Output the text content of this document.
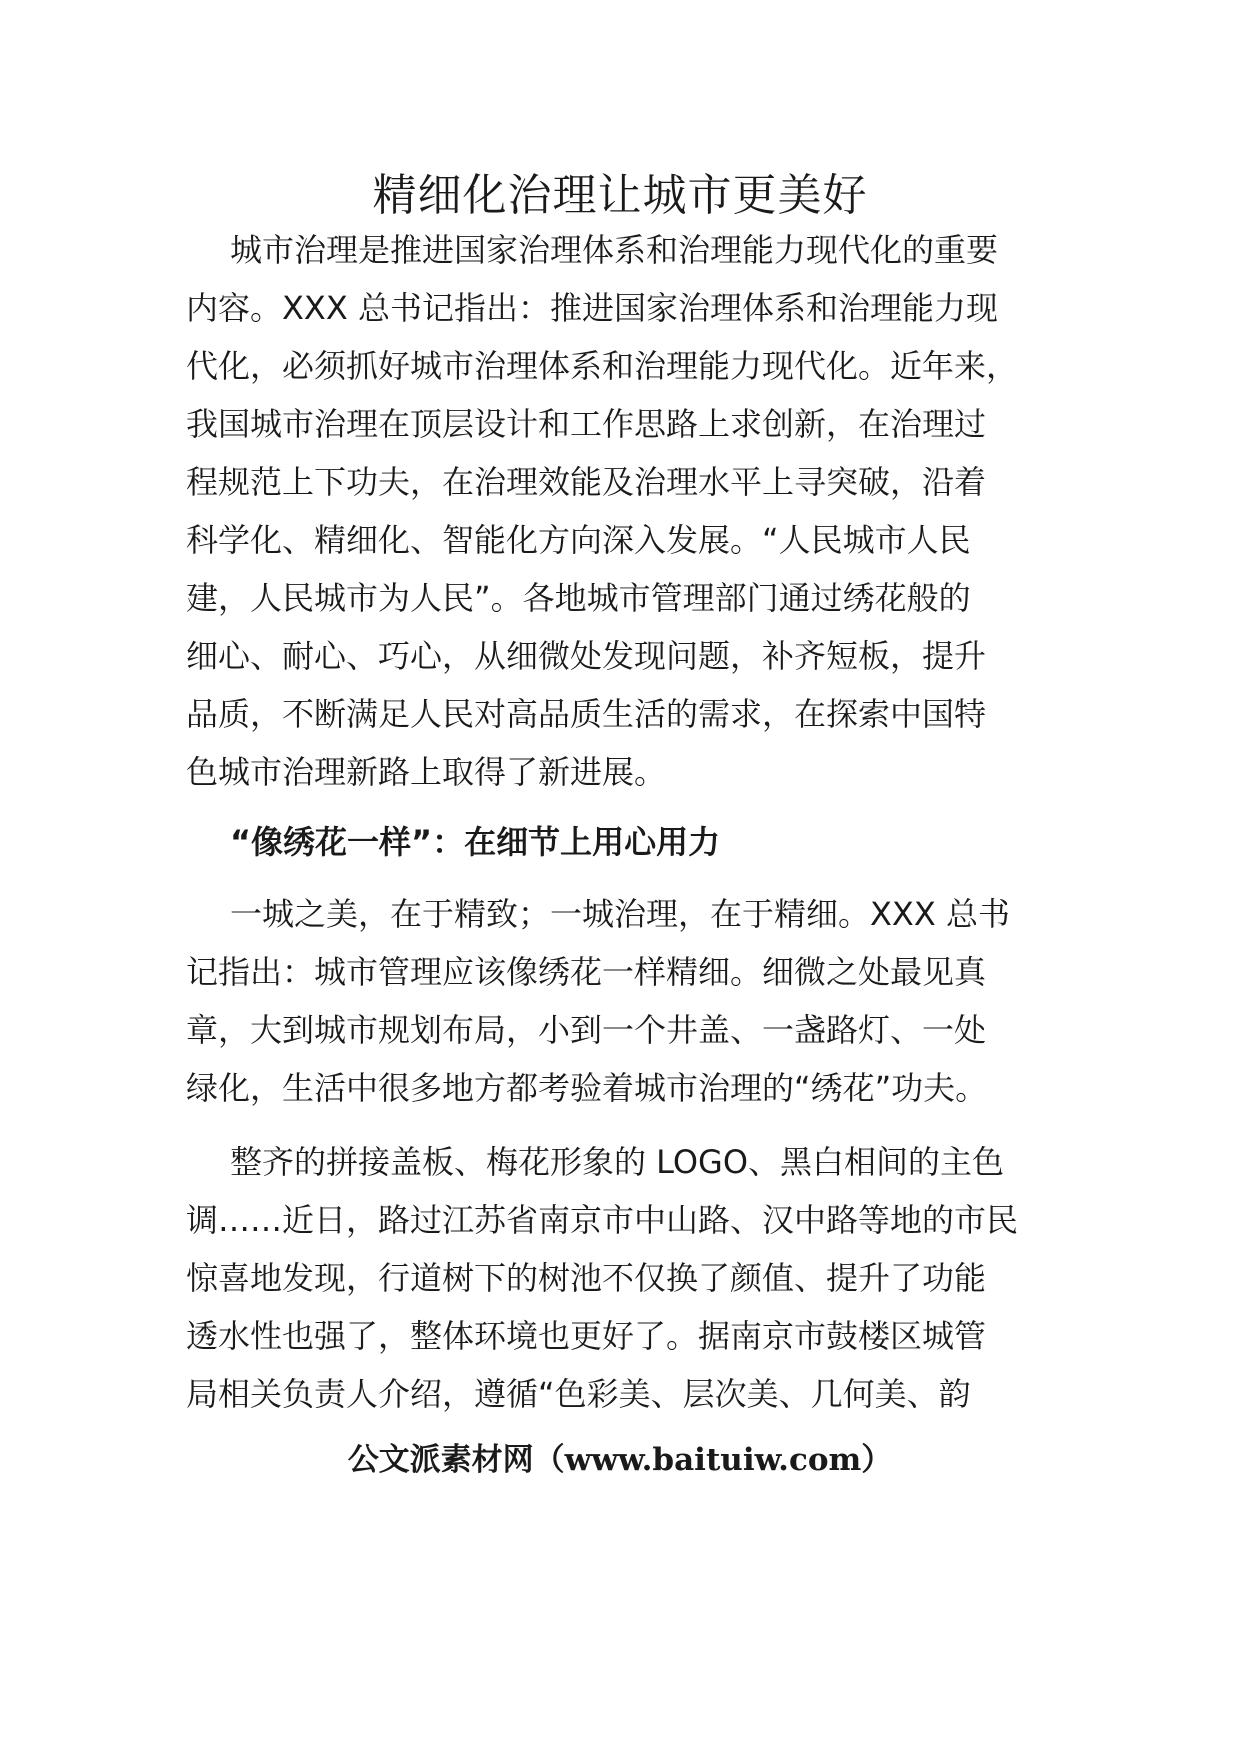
精细化治理让城市更美好
城市治理是推进国家治理体系和治理能力现代化的重要
内容。XXX 总书记指出：推进国家治理体系和治理能力现
代化，必须抓好城市治理体系和治理能力现代化。近年来，
我国城市治理在顶层设计和工作思路上求创新，在治理过
程规范上下功夫，在治理效能及治理水平上寻突破，沿着
科学化、精细化、智能化方向深入发展。“人民城市人民
建，人民城市为人民”。各地城市管理部门通过绣花般的
细心、耐心、巧心，从细微处发现问题，补齐短板，提升
品质，不断满足人民对高品质生活的需求，在探索中国特
色城市治理新路上取得了新进展。
“像绣花一样”：在细节上用心用力
一城之美，在于精致；一城治理，在于精细。XXX 总书
记指出：城市管理应该像绣花一样精细。细微之处最见真
章，大到城市规划布局，小到一个井盖、一盏路灯、一处
绿化，生活中很多地方都考验着城市治理的“绣花”功夫。
整齐的拼接盖板、梅花形象的 LOGO、黑白相间的主色
调……近日，路过江苏省南京市中山路、汉中路等地的市民
惊喜地发现，行道树下的树池不仅换了颜值、提升了功能
透水性也强了，整体环境也更好了。据南京市鼓楼区城管
局相关负责人介绍，遵循“色彩美、层次美、几何美、韵
公文派素材网（www.baituiw.com）
